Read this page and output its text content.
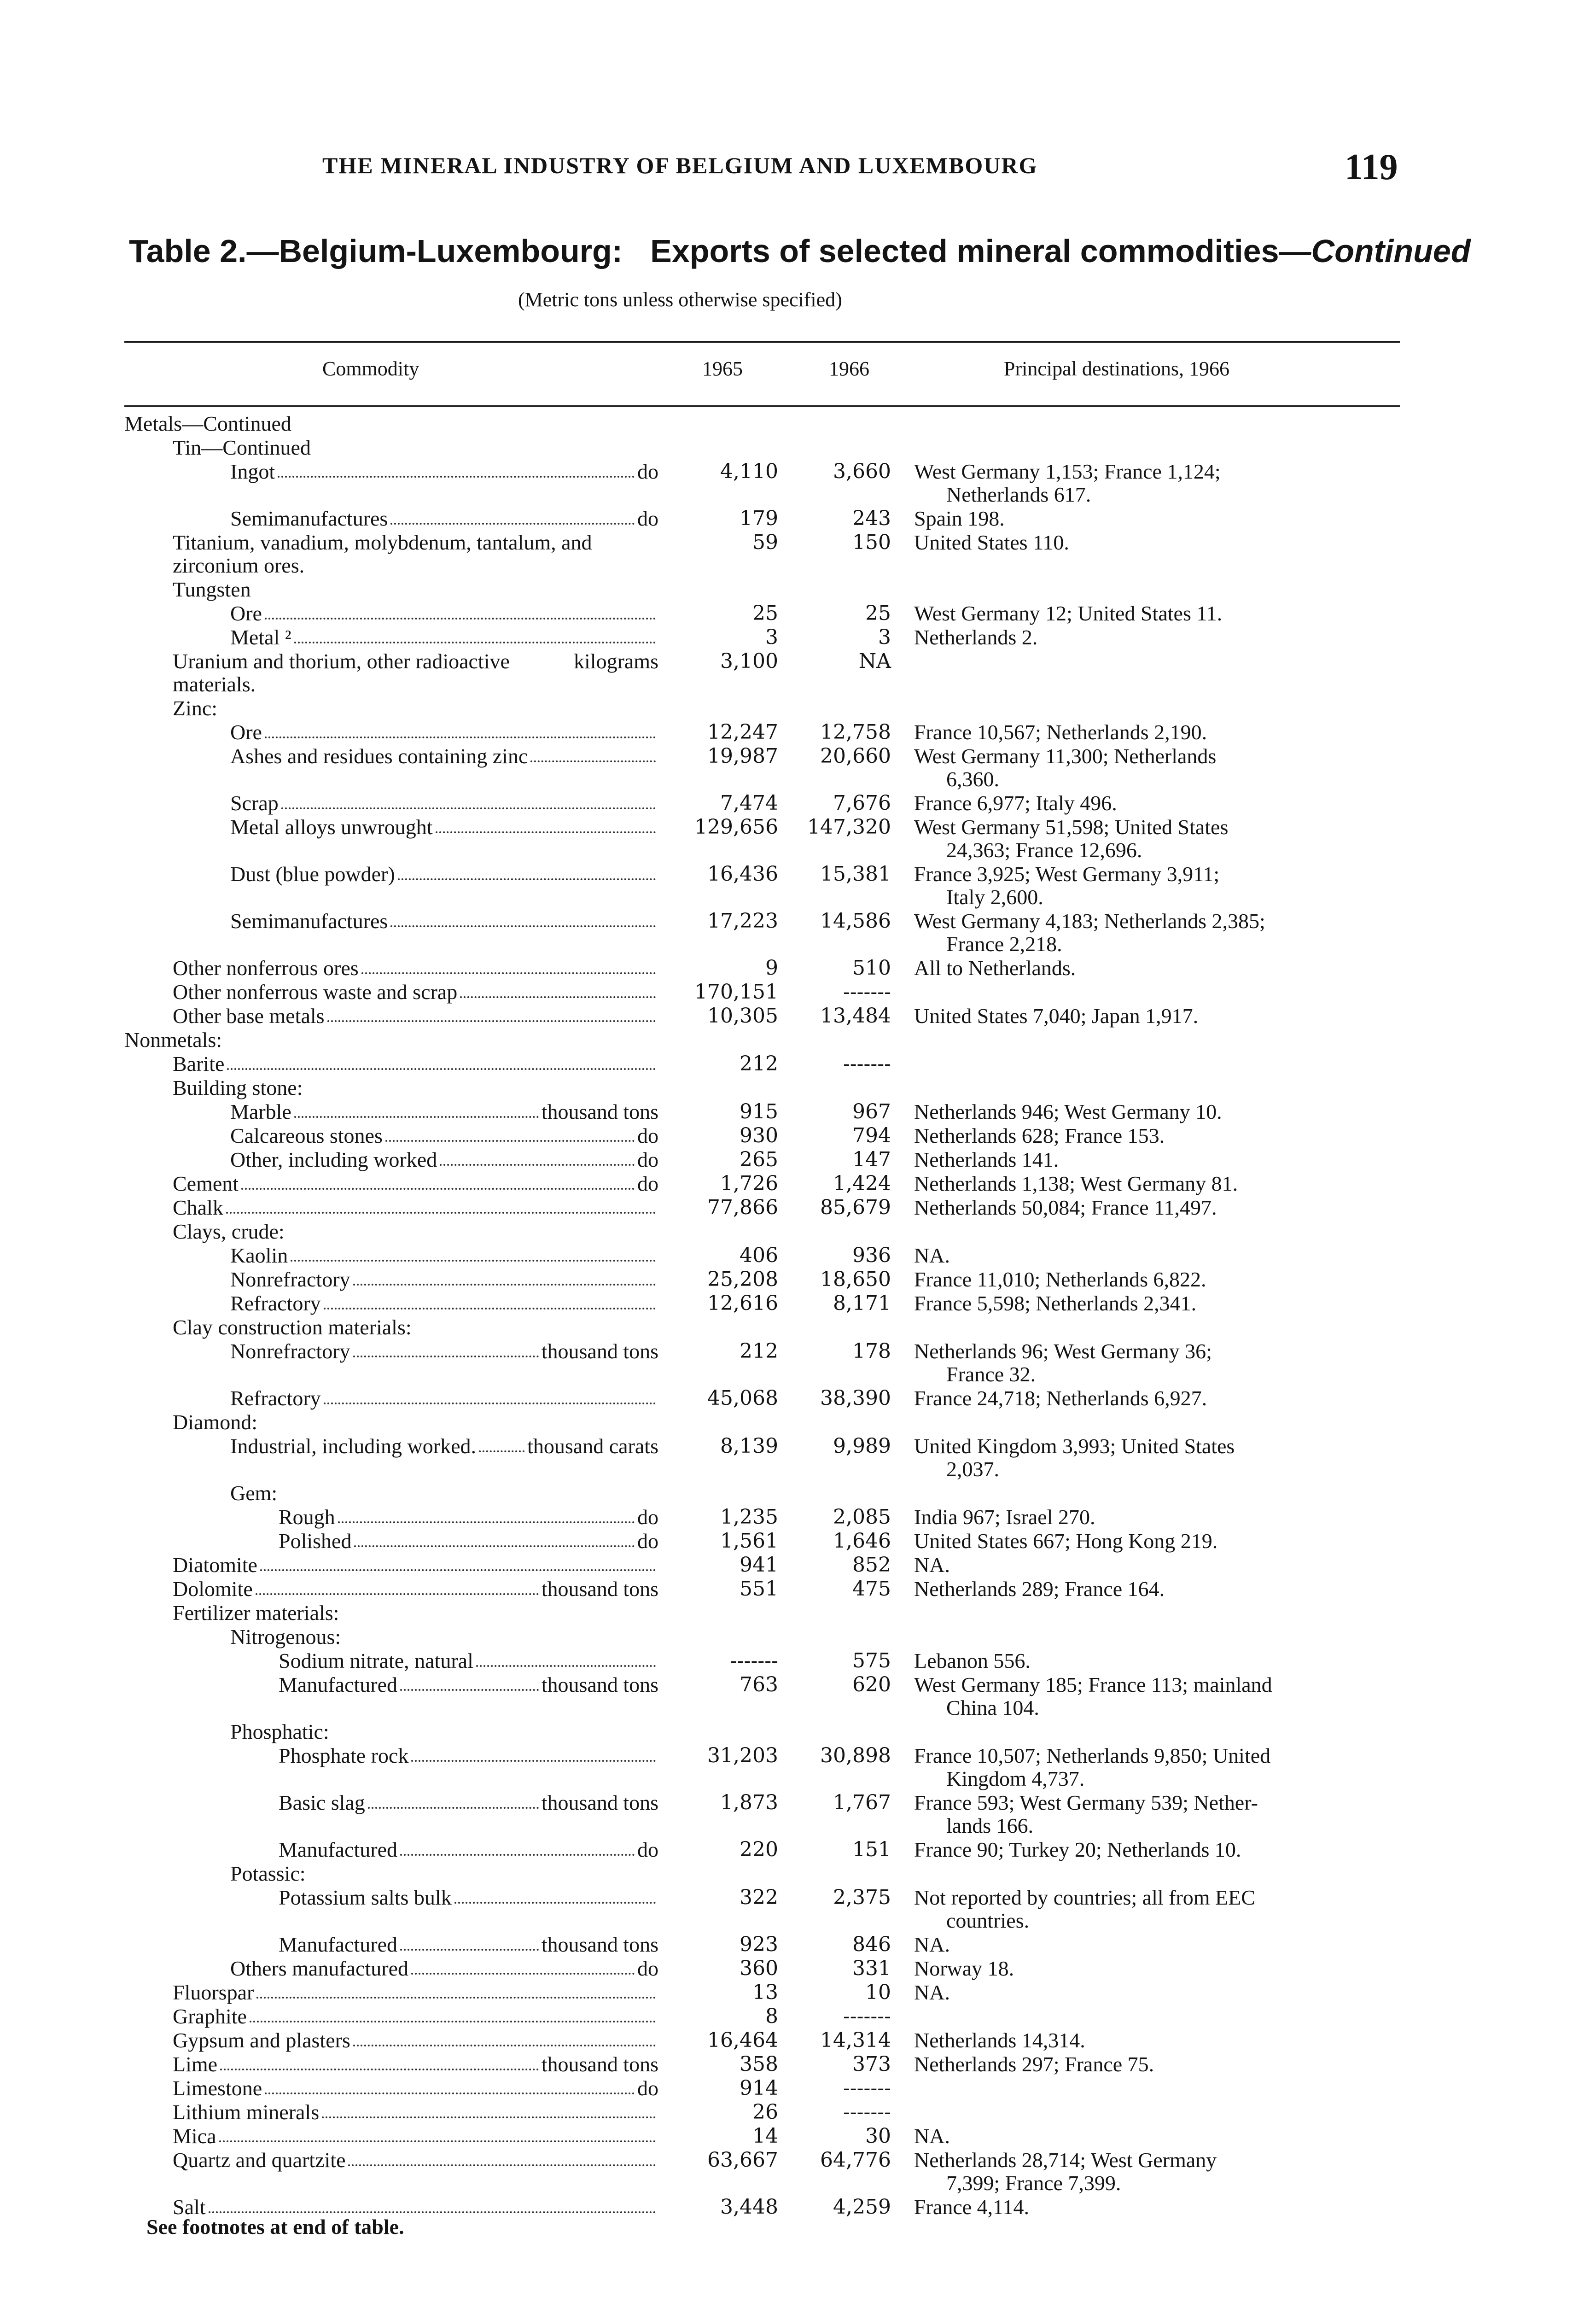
THE MINERAL INDUSTRY OF BELGIUM AND LUXEMBOURG	119
Table 2.—Belgium-Luxembourg: Exports of selected mineral commodities—Continued
(Metric tons unless otherwise specified)
Commodity	1965	1966	Principal destinations, 1966
Metals—Continued
Tin—Continued
Ingot	do	4,110	3,660 West Germany 1,153; France 1,124;
Netherlands 617.
Semimanufactures	do	179	243 Spain 198.
Titanium, vanadium, molybdenum, tantalum, and zirconium ores.
59	150 United States 110.
Tungsten
Ore	25	25 West Germany 12; United States 11.
Metal ²	3	3 Netherlands 2.
Uranium and thorium, other radioactive materials.
kilograms	3,100	NA
Zinc:
Ore	12,247	12,758 France 10,567; Netherlands 2,190.
Ashes and residues containing zinc	19,987	20,660 West Germany 11,300; Netherlands
6,360.
Scrap	7,474	7,676 France 6,977; Italy 496.
Metal alloys unwrought	129,656	147,320 West Germany 51,598; United States
24,363; France 12,696.
Dust (blue powder)	16,436	15,381 France 3,925; West Germany 3,911;
Italy 2,600.
Semimanufactures	17,223	14,586 West Germany 4,183; Netherlands 2,385;
France 2,218.
Other nonferrous ores	9	510 All to Netherlands.
Other nonferrous waste and scrap	170,151	-------
Other base metals	10,305	13,484 United States 7,040; Japan 1,917.
Nonmetals:
Barite	212	-------
Building stone:
Marble	thousand tons	915	967 Netherlands 946; West Germany 10.
Calcareous stones	do	930	794 Netherlands 628; France 153.
Other, including worked	do	265	147 Netherlands 141.
Cement	do	1,726	1,424 Netherlands 1,138; West Germany 81.
Chalk	77,866	85,679 Netherlands 50,084; France 11,497.
Clays, crude:
Kaolin	406	936 NA.
Nonrefractory	25,208	18,650 France 11,010; Netherlands 6,822.
Refractory	12,616	8,171 France 5,598; Netherlands 2,341.
Clay construction materials:
Nonrefractory	thousand tons	212	178 Netherlands 96; West Germany 36;
France 32.
Refractory	45,068	38,390 France 24,718; Netherlands 6,927.
Diamond:
Industrial, including worked. thousand carats	8,139	9,989 United Kingdom 3,993; United States
2,037.
Gem:
Rough	do	1,235	2,085 India 967; Israel 270.
Polished	do	1,561	1,646 United States 667; Hong Kong 219.
Diatomite	941	852 NA.
Dolomite	thousand tons	551	475 Netherlands 289; France 164.
Fertilizer materials:
Nitrogenous:
Sodium nitrate, natural	-------	575 Lebanon 556.
Manufactured	thousand tons	763	620 West Germany 185; France 113; mainland
China 104.
Phosphatic:
Phosphate rock	31,203	30,898 France 10,507; Netherlands 9,850; United
Kingdom 4,737.
Basic slag	thousand tons	1,873	1,767 France 593; West Germany 539; Nether-
lands 166.
Manufactured	do	220	151 France 90; Turkey 20; Netherlands 10.
Potassic:
Potassium salts bulk	322	2,375 Not reported by countries; all from EEC
countries.
Manufactured	thousand tons	923	846 NA.
Others manufactured	do	360	331 Norway 18.
Fluorspar	13	10 NA.
Graphite	8	-------
Gypsum and plasters	16,464	14,314 Netherlands 14,314.
Lime	thousand tons	358	373 Netherlands 297; France 75.
Limestone	do	914	-------
Lithium minerals	26	-------
Mica	14	30 NA.
Quartz and quartzite	63,667	64,776 Netherlands 28,714; West Germany
7,399; France 7,399.
Salt	3,448	4,259 France 4,114.
See footnotes at end of table.
